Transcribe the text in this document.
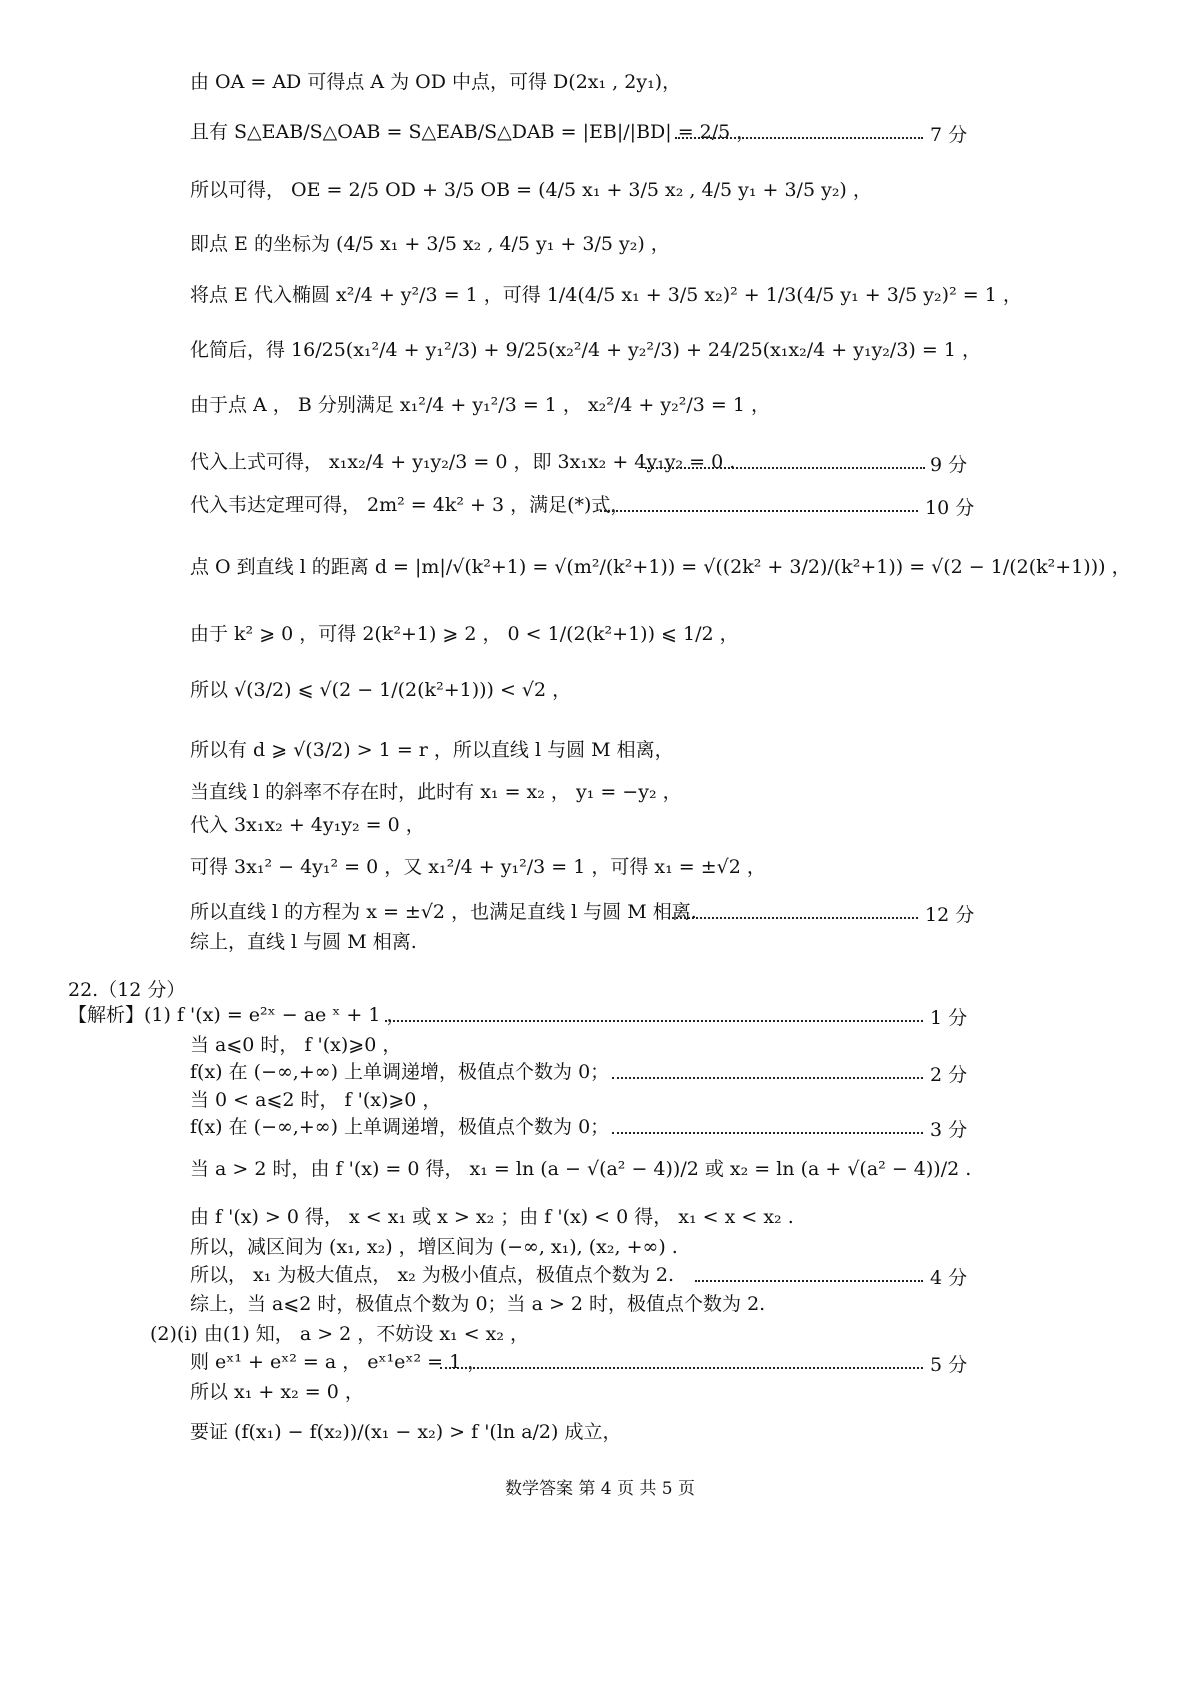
由 OA = AD 可得点 A 为 OD 中点，可得 D(2x₁ , 2y₁)，
且有 S△EAB/S△OAB = S△EAB/S△DAB = |EB|/|BD| = 2/5 ，	7 分
所以可得， OE = 2/5 OD + 3/5 OB = (4/5 x₁ + 3/5 x₂ , 4/5 y₁ + 3/5 y₂) ，
即点 E 的坐标为 (4/5 x₁ + 3/5 x₂ , 4/5 y₁ + 3/5 y₂) ，
将点 E 代入椭圆 x²/4 + y²/3 = 1 ，可得 1/4(4/5 x₁ + 3/5 x₂)² + 1/3(4/5 y₁ + 3/5 y₂)² = 1 ，
化简后，得 16/25(x₁²/4 + y₁²/3) + 9/25(x₂²/4 + y₂²/3) + 24/25(x₁x₂/4 + y₁y₂/3) = 1 ，
由于点 A ， B 分别满足 x₁²/4 + y₁²/3 = 1 ， x₂²/4 + y₂²/3 = 1 ，
代入上式可得， x₁x₂/4 + y₁y₂/3 = 0 ，即 3x₁x₂ + 4y₁y₂ = 0 .	9 分
代入韦达定理可得， 2m² = 4k² + 3 ，满足(*)式，	10 分
点 O 到直线 l 的距离 d = |m|/√(k²+1) = √(m²/(k²+1)) = √((2k² + 3/2)/(k²+1)) = √(2 − 1/(2(k²+1))) ，
由于 k² ⩾ 0 ，可得 2(k²+1) ⩾ 2 ， 0 < 1/(2(k²+1)) ⩽ 1/2 ，
所以 √(3/2) ⩽ √(2 − 1/(2(k²+1))) < √2 ，
所以有 d ⩾ √(3/2) > 1 = r ，所以直线 l 与圆 M 相离，
当直线 l 的斜率不存在时，此时有 x₁ = x₂ ， y₁ = −y₂ ，
代入 3x₁x₂ + 4y₁y₂ = 0 ，
可得 3x₁² − 4y₁² = 0 ，又 x₁²/4 + y₁²/3 = 1 ，可得 x₁ = ±√2 ，
所以直线 l 的方程为 x = ±√2 ，也满足直线 l 与圆 M 相离.	12 分
综上，直线 l 与圆 M 相离.
22.（12 分）
【解析】(1) f '(x) = e²ˣ − ae ˣ + 1 ，	1 分
当 a⩽0 时， f '(x)⩾0 ，
f(x) 在 (−∞,+∞) 上单调递增，极值点个数为 0；	2 分
当 0 < a⩽2 时， f '(x)⩾0 ，
f(x) 在 (−∞,+∞) 上单调递增，极值点个数为 0；	3 分
当 a > 2 时，由 f '(x) = 0 得， x₁ = ln (a − √(a² − 4))/2 或 x₂ = ln (a + √(a² − 4))/2 .
由 f '(x) > 0 得， x < x₁ 或 x > x₂ ；由 f '(x) < 0 得， x₁ < x < x₂ .
所以，减区间为 (x₁, x₂) ，增区间为 (−∞, x₁), (x₂, +∞) .
所以， x₁ 为极大值点， x₂ 为极小值点，极值点个数为 2.	4 分
综上，当 a⩽2 时，极值点个数为 0；当 a > 2 时，极值点个数为 2.
(2)(i) 由(1) 知， a > 2 ，不妨设 x₁ < x₂ ，
则 eˣ¹ + eˣ² = a ， eˣ¹eˣ² = 1 ，	5 分
所以 x₁ + x₂ = 0 ，
要证 (f(x₁) − f(x₂))/(x₁ − x₂) > f '(ln a/2) 成立，
数学答案 第 4 页 共 5 页
